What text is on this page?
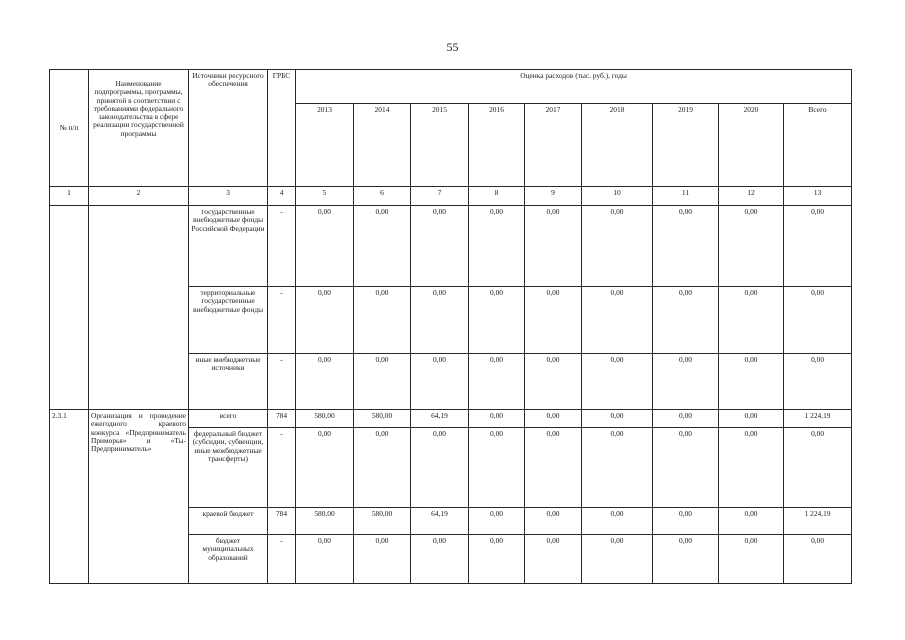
55
№ п/п	Наименование подпрограммы, программы, принятой в соответствии с требованиями федерального законодательства в сфере реализации государственной программы	Источники ресурсного обеспечения	ГРБС	Оценка расходов (тыс. руб.), годы								
				2013	2014	2015	2016	2017	2018	2019	2020	Всего
1	2	3	4	5	6	7	8	9	10	11	12	13
		государственные внебюджетные фонды Российской Федерации	-	0,00	0,00	0,00	0,00	0,00	0,00	0,00	0,00	0,00
		территориальные государственные внебюджетные фонды	-	0,00	0,00	0,00	0,00	0,00	0,00	0,00	0,00	0,00
		иные внебюджетные источники	-	0,00	0,00	0,00	0,00	0,00	0,00	0,00	0,00	0,00
2.3.1	Организация и проведение ежегодного краевого конкурса «Предприниматель Приморья» и «Ты-Предприниматель»	всего	784	580,00	580,00	64,19	0,00	0,00	0,00	0,00	0,00	1 224,19
		федеральный бюджет (субсидии, субвенции, иные межбюджетные трансферты)	-	0,00	0,00	0,00	0,00	0,00	0,00	0,00	0,00	0,00
		краевой бюджет	784	580,00	580,00	64,19	0,00	0,00	0,00	0,00	0,00	1 224,19
		бюджет муниципальных образований	-	0,00	0,00	0,00	0,00	0,00	0,00	0,00	0,00	0,00
